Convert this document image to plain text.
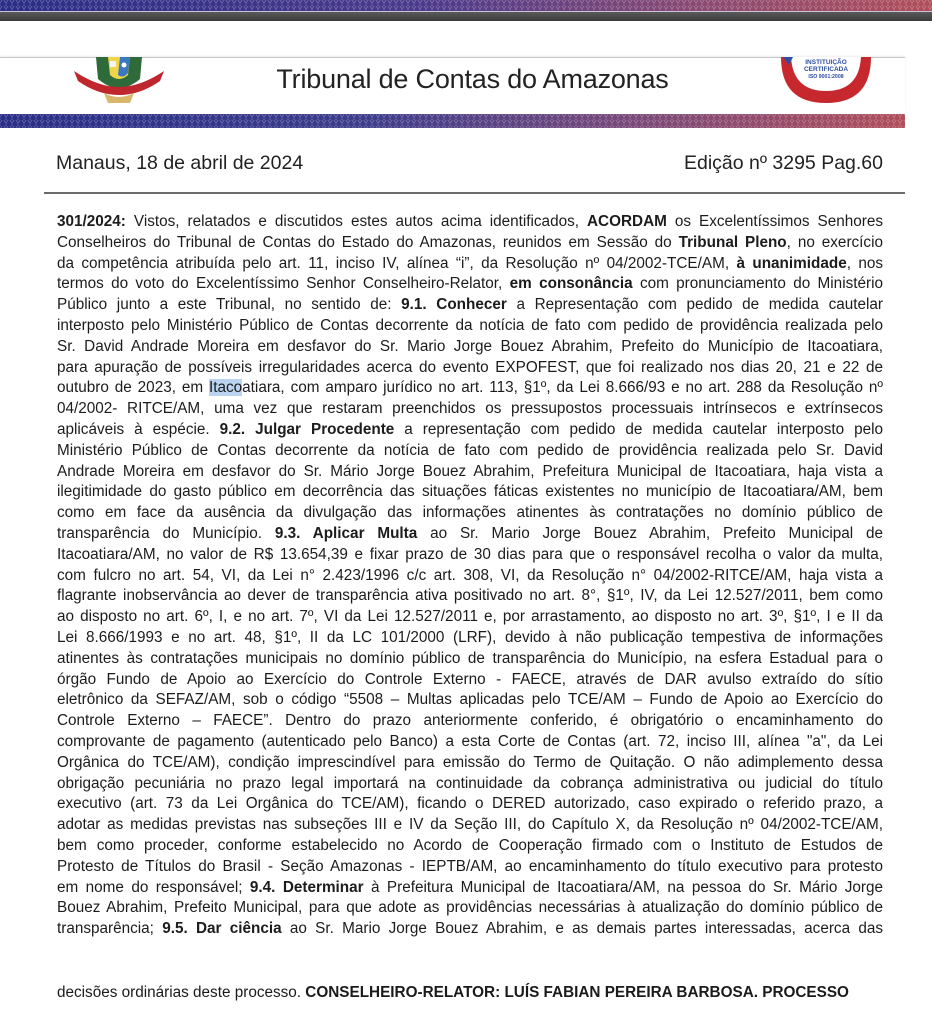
Tribunal de Contas do Amazonas
INSTITUIÇÃO
CERTIFICADA
ISO 9001:2008
Manaus, 18 de abril de 2024	Edição nº 3295 Pag.60
301/2024: Vistos, relatados e discutidos estes autos acima identificados, ACORDAM os Excelentíssimos Senhores
Conselheiros do Tribunal de Contas do Estado do Amazonas, reunidos em Sessão do Tribunal Pleno, no exercício
da competência atribuída pelo art. 11, inciso IV, alínea “i”, da Resolução nº 04/2002-TCE/AM, à unanimidade, nos
termos do voto do Excelentíssimo Senhor Conselheiro-Relator, em consonância com pronunciamento do Ministério
Público junto a este Tribunal, no sentido de: 9.1. Conhecer a Representação com pedido de medida cautelar
interposto pelo Ministério Público de Contas decorrente da notícia de fato com pedido de providência realizada pelo
Sr. David Andrade Moreira em desfavor do Sr. Mario Jorge Bouez Abrahim, Prefeito do Município de Itacoatiara,
para apuração de possíveis irregularidades acerca do evento EXPOFEST, que foi realizado nos dias 20, 21 e 22 de
outubro de 2023, em Itacoatiara, com amparo jurídico no art. 113, §1º, da Lei 8.666/93 e no art. 288 da Resolução nº
04/2002- RITCE/AM, uma vez que restaram preenchidos os pressupostos processuais intrínsecos e extrínsecos
aplicáveis à espécie. 9.2. Julgar Procedente a representação com pedido de medida cautelar interposto pelo
Ministério Público de Contas decorrente da notícia de fato com pedido de providência realizada pelo Sr. David
Andrade Moreira em desfavor do Sr. Mário Jorge Bouez Abrahim, Prefeitura Municipal de Itacoatiara, haja vista a
ilegitimidade do gasto público em decorrência das situações fáticas existentes no município de Itacoatiara/AM, bem
como em face da ausência da divulgação das informações atinentes às contratações no domínio público de
transparência do Município. 9.3. Aplicar Multa ao Sr. Mario Jorge Bouez Abrahim, Prefeito Municipal de
Itacoatiara/AM, no valor de R$ 13.654,39 e fixar prazo de 30 dias para que o responsável recolha o valor da multa,
com fulcro no art. 54, VI, da Lei n° 2.423/1996 c/c art. 308, VI, da Resolução n° 04/2002-RITCE/AM, haja vista a
flagrante inobservância ao dever de transparência ativa positivado no art. 8°, §1º, IV, da Lei 12.527/2011, bem como
ao disposto no art. 6º, I, e no art. 7º, VI da Lei 12.527/2011 e, por arrastamento, ao disposto no art. 3º, §1º, I e II da
Lei 8.666/1993 e no art. 48, §1º, II da LC 101/2000 (LRF), devido à não publicação tempestiva de informações
atinentes às contratações municipais no domínio público de transparência do Município, na esfera Estadual para o
órgão Fundo de Apoio ao Exercício do Controle Externo - FAECE, através de DAR avulso extraído do sítio
eletrônico da SEFAZ/AM, sob o código “5508 – Multas aplicadas pelo TCE/AM – Fundo de Apoio ao Exercício do
Controle Externo – FAECE”. Dentro do prazo anteriormente conferido, é obrigatório o encaminhamento do
comprovante de pagamento (autenticado pelo Banco) a esta Corte de Contas (art. 72, inciso III, alínea "a", da Lei
Orgânica do TCE/AM), condição imprescindível para emissão do Termo de Quitação. O não adimplemento dessa
obrigação pecuniária no prazo legal importará na continuidade da cobrança administrativa ou judicial do título
executivo (art. 73 da Lei Orgânica do TCE/AM), ficando o DERED autorizado, caso expirado o referido prazo, a
adotar as medidas previstas nas subseções III e IV da Seção III, do Capítulo X, da Resolução nº 04/2002-TCE/AM,
bem como proceder, conforme estabelecido no Acordo de Cooperação firmado com o Instituto de Estudos de
Protesto de Títulos do Brasil - Seção Amazonas - IEPTB/AM, ao encaminhamento do título executivo para protesto
em nome do responsável; 9.4. Determinar à Prefeitura Municipal de Itacoatiara/AM, na pessoa do Sr. Mário Jorge
Bouez Abrahim, Prefeito Municipal, para que adote as providências necessárias à atualização do domínio público de
transparência; 9.5. Dar ciência ao Sr. Mario Jorge Bouez Abrahim, e as demais partes interessadas, acerca das
decisões ordinárias deste processo. CONSELHEIRO-RELATOR: LUÍS FABIAN PEREIRA BARBOSA. PROCESSO
